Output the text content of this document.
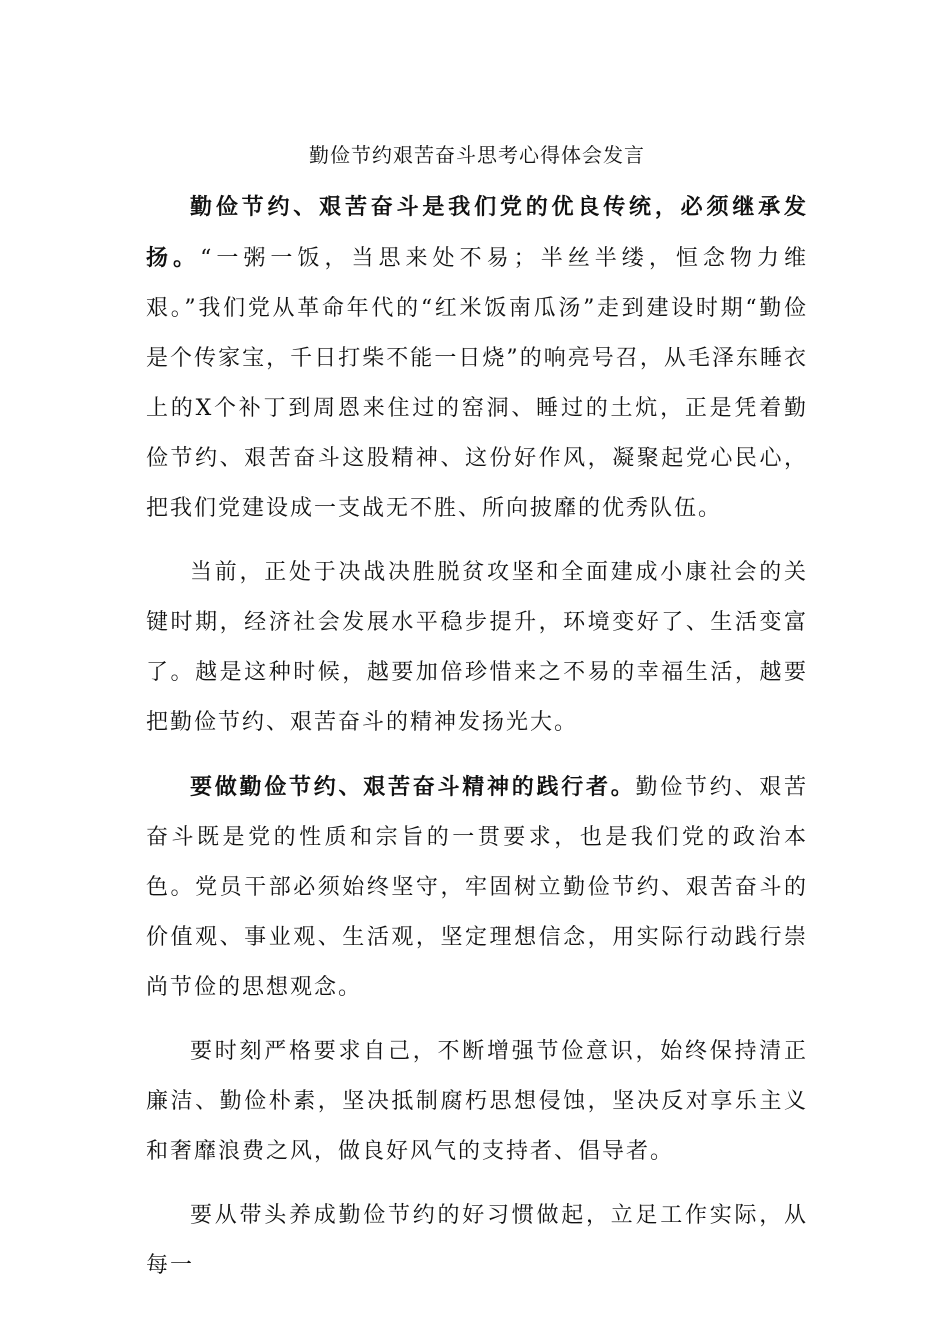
勤俭节约艰苦奋斗思考心得体会发言

勤俭节约、艰苦奋斗是我们党的优良传统，必须继承发扬。“一粥一饭，当思来处不易；半丝半缕，恒念物力维艰。”我们党从革命年代的“红米饭南瓜汤”走到建设时期“勤俭是个传家宝，千日打柴不能一日烧”的响亮号召，从毛泽东睡衣上的X个补丁到周恩来住过的窑洞、睡过的土炕，正是凭着勤俭节约、艰苦奋斗这股精神、这份好作风，凝聚起党心民心，把我们党建设成一支战无不胜、所向披靡的优秀队伍。

当前，正处于决战决胜脱贫攻坚和全面建成小康社会的关键时期，经济社会发展水平稳步提升，环境变好了、生活变富了。越是这种时候，越要加倍珍惜来之不易的幸福生活，越要把勤俭节约、艰苦奋斗的精神发扬光大。

要做勤俭节约、艰苦奋斗精神的践行者。勤俭节约、艰苦奋斗既是党的性质和宗旨的一贯要求，也是我们党的政治本色。党员干部必须始终坚守，牢固树立勤俭节约、艰苦奋斗的价值观、事业观、生活观，坚定理想信念，用实际行动践行崇尚节俭的思想观念。

要时刻严格要求自己，不断增强节俭意识，始终保持清正廉洁、勤俭朴素，坚决抵制腐朽思想侵蚀，坚决反对享乐主义和奢靡浪费之风，做良好风气的支持者、倡导者。

要从带头养成勤俭节约的好习惯做起，立足工作实际，从每一
